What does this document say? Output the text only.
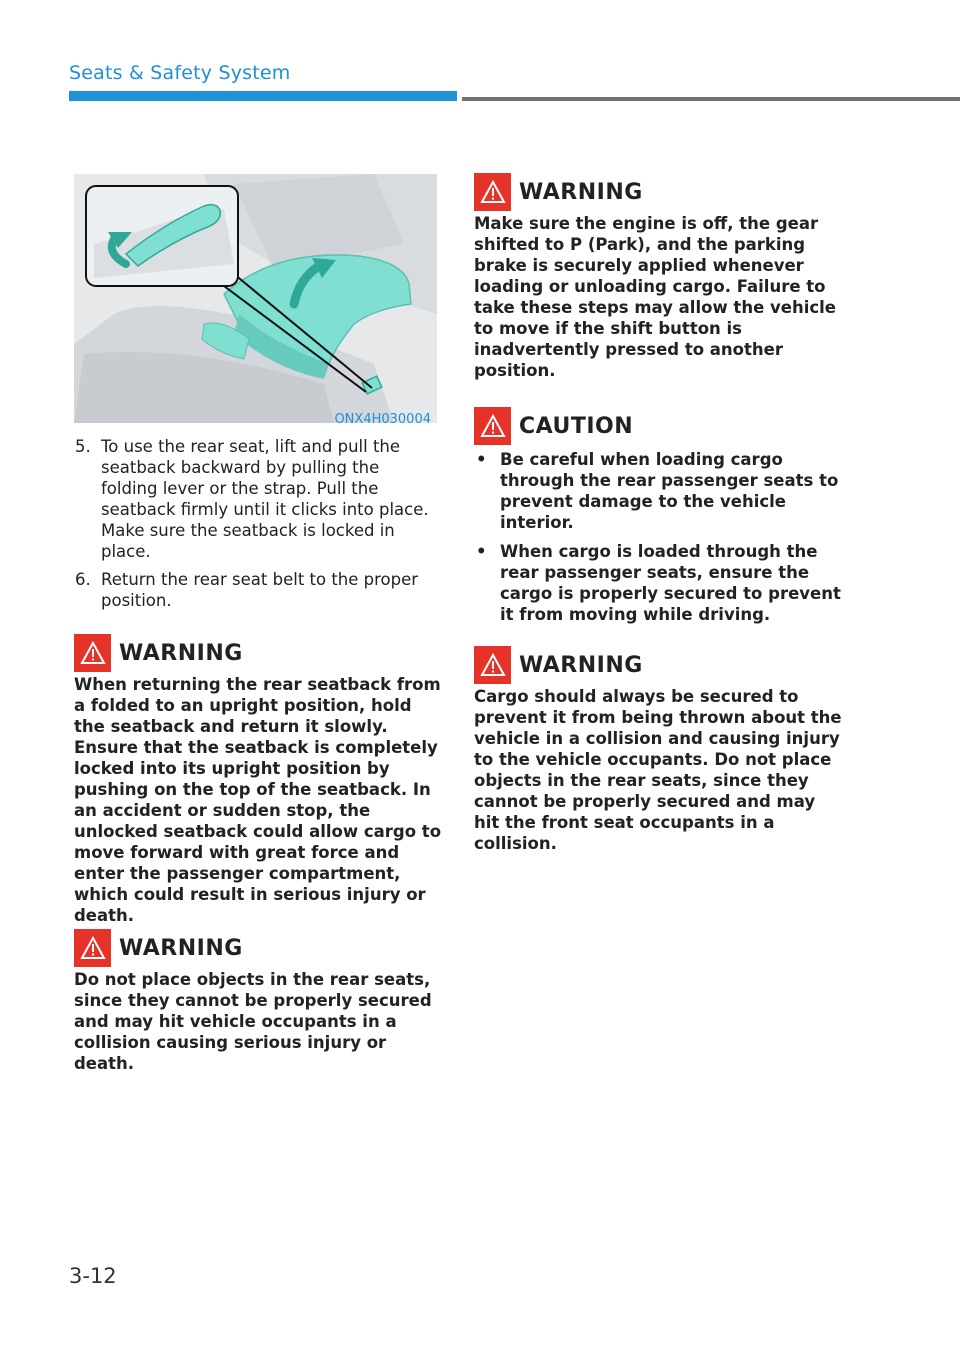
Seats & Safety System
ONX4H030004
5. To use the rear seat, lift and pull the seatback backward by pulling the folding lever or the strap. Pull the seatback firmly until it clicks into place. Make sure the seatback is locked in place.
6. Return the rear seat belt to the proper position.
WARNING
When returning the rear seatback from a folded to an upright position, hold the seatback and return it slowly. Ensure that the seatback is completely locked into its upright position by pushing on the top of the seatback. In an accident or sudden stop, the unlocked seatback could allow cargo to move forward with great force and enter the passenger compartment, which could result in serious injury or death.
WARNING
Do not place objects in the rear seats, since they cannot be properly secured and may hit vehicle occupants in a collision causing serious injury or death.
WARNING
Make sure the engine is off, the gear shifted to P (Park), and the parking brake is securely applied whenever loading or unloading cargo. Failure to take these steps may allow the vehicle to move if the shift button is inadvertently pressed to another position.
CAUTION
• Be careful when loading cargo through the rear passenger seats to prevent damage to the vehicle interior.
• When cargo is loaded through the rear passenger seats, ensure the cargo is properly secured to prevent it from moving while driving.
WARNING
Cargo should always be secured to prevent it from being thrown about the vehicle in a collision and causing injury to the vehicle occupants. Do not place objects in the rear seats, since they cannot be properly secured and may hit the front seat occupants in a collision.
3-12
